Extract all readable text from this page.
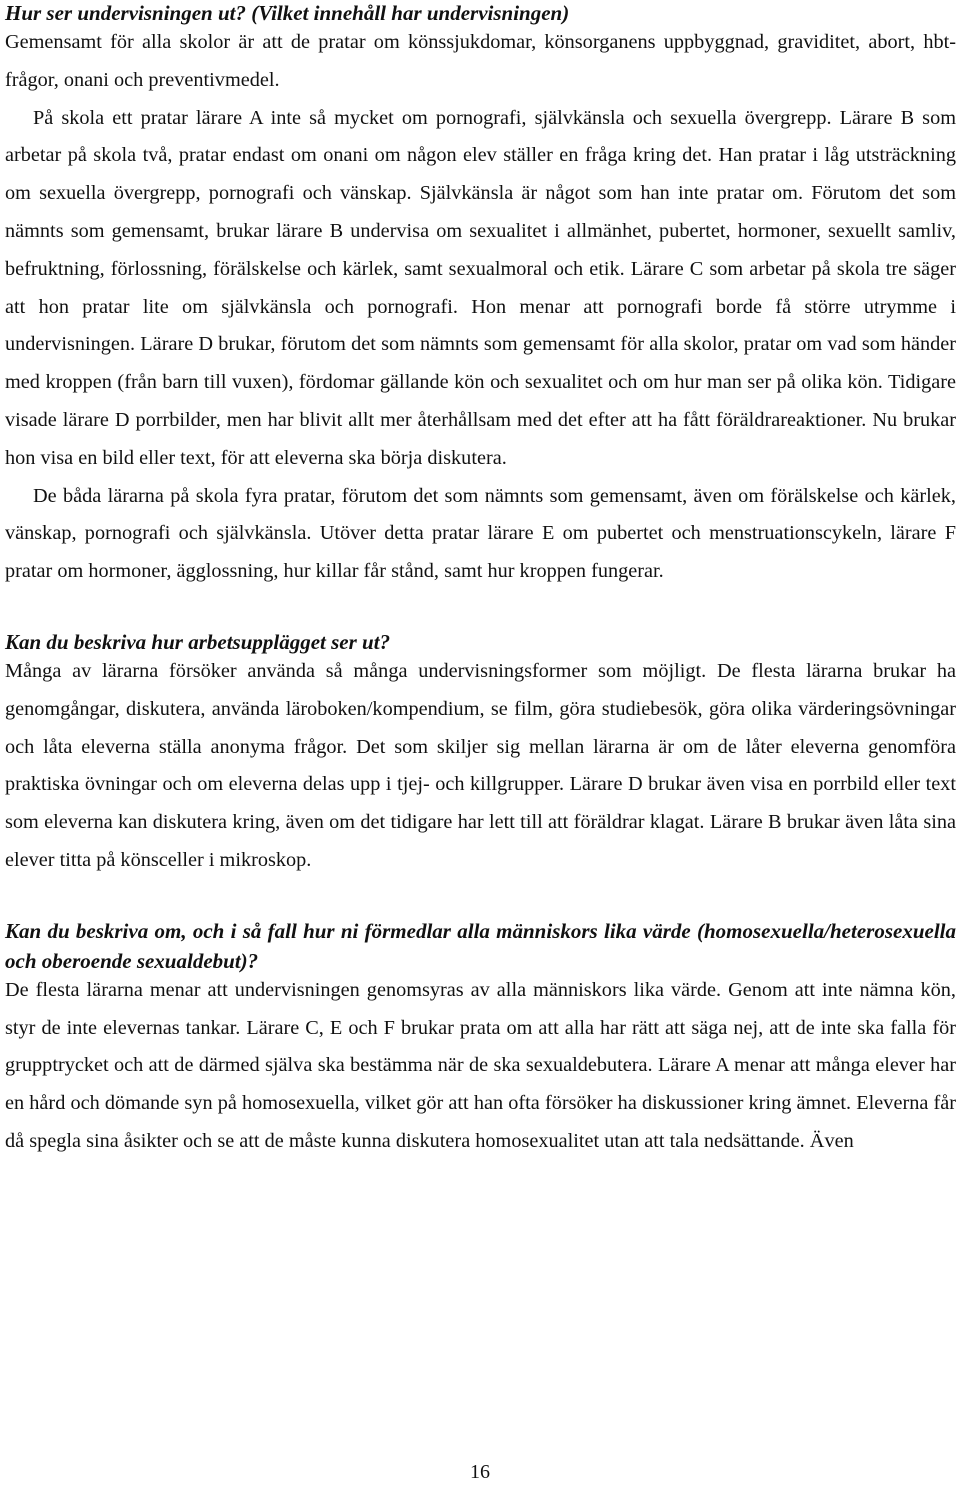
Hur ser undervisningen ut? (Vilket innehåll har undervisningen)

Gemensamt för alla skolor är att de pratar om könssjukdomar, könsorganens uppbyggnad, graviditet, abort, hbt-frågor, onani och preventivmedel.

På skola ett pratar lärare A inte så mycket om pornografi, självkänsla och sexuella övergrepp. Lärare B som arbetar på skola två, pratar endast om onani om någon elev ställer en fråga kring det. Han pratar i låg utsträckning om sexuella övergrepp, pornografi och vänskap. Självkänsla är något som han inte pratar om. Förutom det som nämnts som gemensamt, brukar lärare B undervisa om sexualitet i allmänhet, pubertet, hormoner, sexuellt samliv, befruktning, förlossning, förälskelse och kärlek, samt sexualmoral och etik. Lärare C som arbetar på skola tre säger att hon pratar lite om självkänsla och pornografi. Hon menar att pornografi borde få större utrymme i undervisningen. Lärare D brukar, förutom det som nämnts som gemensamt för alla skolor, pratar om vad som händer med kroppen (från barn till vuxen), fördomar gällande kön och sexualitet och om hur man ser på olika kön. Tidigare visade lärare D porrbilder, men har blivit allt mer återhållsam med det efter att ha fått föräldrareaktioner. Nu brukar hon visa en bild eller text, för att eleverna ska börja diskutera.

De båda lärarna på skola fyra pratar, förutom det som nämnts som gemensamt, även om förälskelse och kärlek, vänskap, pornografi och självkänsla. Utöver detta pratar lärare E om pubertet och menstruationscykeln, lärare F pratar om hormoner, ägglossning, hur killar får stånd, samt hur kroppen fungerar.

Kan du beskriva hur arbetsupplägget ser ut?

Många av lärarna försöker använda så många undervisningsformer som möjligt. De flesta lärarna brukar ha genomgångar, diskutera, använda läroboken/kompendium, se film, göra studiebesök, göra olika värderingsövningar och låta eleverna ställa anonyma frågor. Det som skiljer sig mellan lärarna är om de låter eleverna genomföra praktiska övningar och om eleverna delas upp i tjej- och killgrupper. Lärare D brukar även visa en porrbild eller text som eleverna kan diskutera kring, även om det tidigare har lett till att föräldrar klagat. Lärare B brukar även låta sina elever titta på könsceller i mikroskop.

Kan du beskriva om, och i så fall hur ni förmedlar alla människors lika värde (homosexuella/heterosexuella och oberoende sexualdebut)?

De flesta lärarna menar att undervisningen genomsyras av alla människors lika värde. Genom att inte nämna kön, styr de inte elevernas tankar. Lärare C, E och F brukar prata om att alla har rätt att säga nej, att de inte ska falla för grupptrycket och att de därmed själva ska bestämma när de ska sexualdebutera. Lärare A menar att många elever har en hård och dömande syn på homosexuella, vilket gör att han ofta försöker ha diskussioner kring ämnet. Eleverna får då spegla sina åsikter och se att de måste kunna diskutera homosexualitet utan att tala nedsättande. Även

16
